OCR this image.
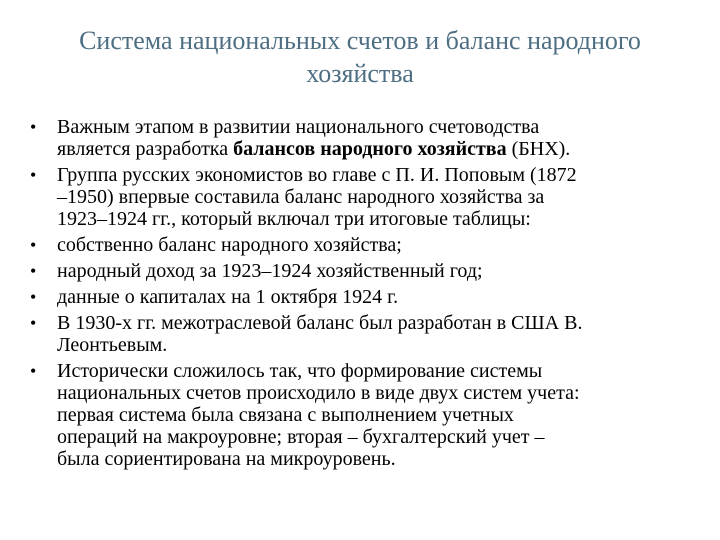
Система национальных счетов и баланс народного
хозяйства
• Важным этапом в развитии национального счетоводства
является разработка балансов народного хозяйства (БНХ).
• Группа русских экономистов во главе с П. И. Поповым (1872
–1950) впервые составила баланс народного хозяйства за
1923–1924 гг., который включал три итоговые таблицы:
• собственно баланс народного хозяйства;
• народный доход за 1923–1924 хозяйственный год;
• данные о капиталах на 1 октября 1924 г.
• В 1930-х гг. межотраслевой баланс был разработан в США В.
Леонтьевым.
• Исторически сложилось так, что формирование системы
национальных счетов происходило в виде двух систем учета:
первая система была связана с выполнением учетных
операций на макроуровне; вторая – бухгалтерский учет –
была сориентирована на микроуровень.
